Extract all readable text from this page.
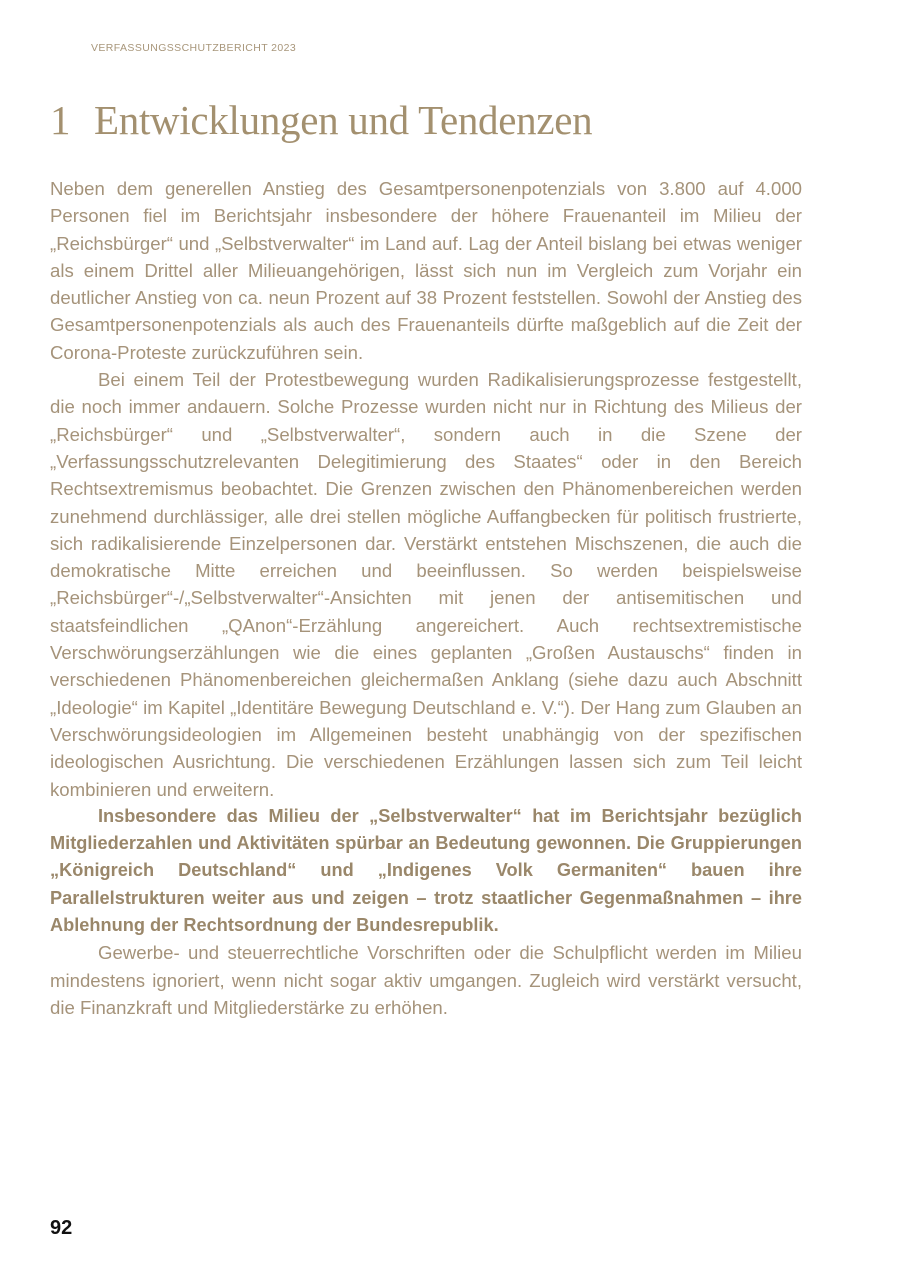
VERFASSUNGSSCHUTZBERICHT 2023
1 Entwicklungen und Tendenzen

Neben dem generellen Anstieg des Gesamtpersonenpotenzials von 3.800 auf 4.000 Personen fiel im Berichtsjahr insbesondere der höhere Frauenanteil im Milieu der „Reichsbürger“ und „Selbstverwalter“ im Land auf. Lag der Anteil bislang bei etwas weniger als einem Drittel aller Milieuangehörigen, lässt sich nun im Vergleich zum Vorjahr ein deutlicher Anstieg von ca. neun Prozent auf 38 Prozent feststellen. Sowohl der Anstieg des Gesamtpersonenpotenzials als auch des Frauenanteils dürfte maßgeblich auf die Zeit der Corona-Proteste zurückzuführen sein.

Bei einem Teil der Protestbewegung wurden Radikalisierungsprozesse festgestellt, die noch immer andauern. Solche Prozesse wurden nicht nur in Richtung des Milieus der „Reichsbürger“ und „Selbstverwalter“, sondern auch in die Szene der „Verfassungsschutzrelevanten Delegitimierung des Staates“ oder in den Bereich Rechtsextremismus beobachtet. Die Grenzen zwischen den Phänomenbereichen werden zunehmend durchlässiger, alle drei stellen mögliche Auffangbecken für politisch frustrierte, sich radikalisierende Einzelpersonen dar. Verstärkt entstehen Mischszenen, die auch die demokratische Mitte erreichen und beeinflussen. So werden beispielsweise „Reichsbürger“-/„Selbstverwalter“-Ansichten mit jenen der antisemitischen und staatsfeindlichen „QAnon“-Erzählung angereichert. Auch rechtsextremistische Verschwörungserzählungen wie die eines geplanten „Großen Austauschs“ finden in verschiedenen Phänomenbereichen gleichermaßen Anklang (siehe dazu auch Abschnitt „Ideologie“ im Kapitel „Identitäre Bewegung Deutschland e. V.“). Der Hang zum Glauben an Verschwörungsideologien im Allgemeinen besteht unabhängig von der spezifischen ideologischen Ausrichtung. Die verschiedenen Erzählungen lassen sich zum Teil leicht kombinieren und erweitern.

Insbesondere das Milieu der „Selbstverwalter“ hat im Berichtsjahr bezüglich Mitgliederzahlen und Aktivitäten spürbar an Bedeutung gewonnen. Die Gruppierungen „Königreich Deutschland“ und „Indigenes Volk Germaniten“ bauen ihre Parallelstrukturen weiter aus und zeigen – trotz staatlicher Gegenmaßnahmen – ihre Ablehnung der Rechtsordnung der Bundesrepublik.

Gewerbe- und steuerrechtliche Vorschriften oder die Schulpflicht werden im Milieu mindestens ignoriert, wenn nicht sogar aktiv umgangen. Zugleich wird verstärkt versucht, die Finanzkraft und Mitgliederstärke zu erhöhen.

92
